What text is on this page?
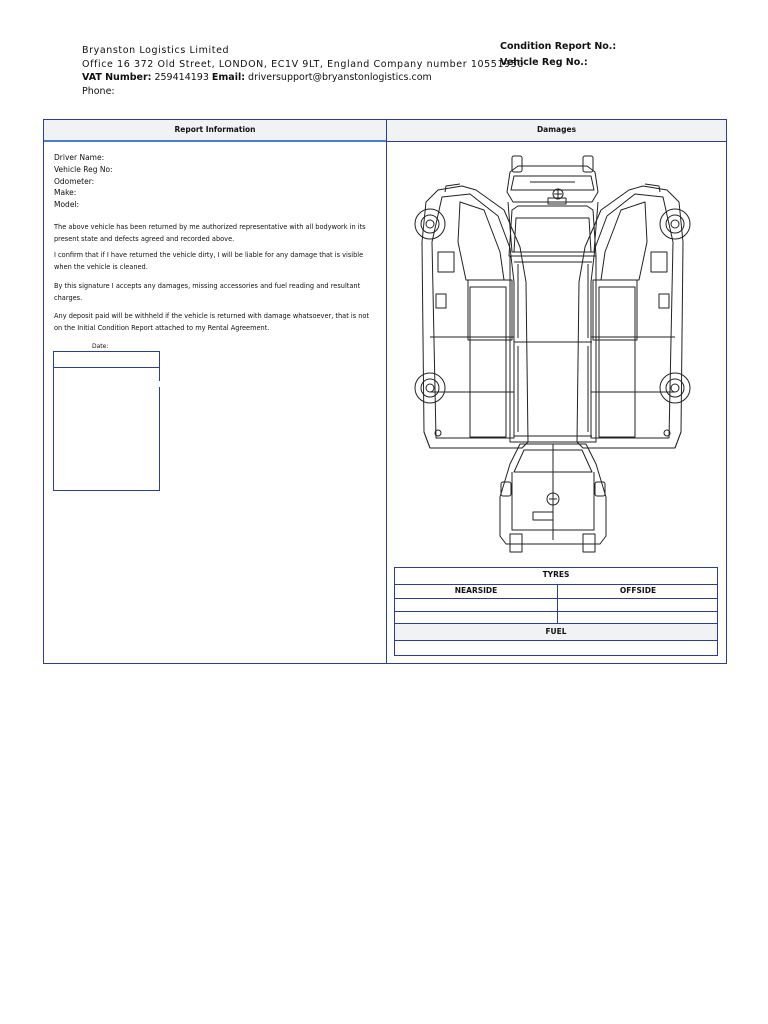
Bryanston Logistics Limited
Office 16 372 Old Street, LONDON, EC1V 9LT, England Company number 10551950
VAT Number: 259414193 Email: driversupport@bryanstonlogistics.com
Phone:
Condition Report No.:
Vehicle Reg No.:
Report Information	Damages
Driver Name:
Vehicle Reg No:
Odometer:
Make:
Model:
The above vehicle has been returned by me authorized representative with all bodywork in its present state and defects agreed and recorded above.
I confirm that if I have returned the vehicle dirty, I will be liable for any damage that is visible when the vehicle is cleaned.
By this signature I accepts any damages, missing accessories and fuel reading and resultant charges.
Any deposit paid will be withheld if the vehicle is returned with damage whatsoever, that is not on the Initial Condition Report attached to my Rental Agreement.
Date:
TYRES
NEARSIDE	OFFSIDE
FUEL
